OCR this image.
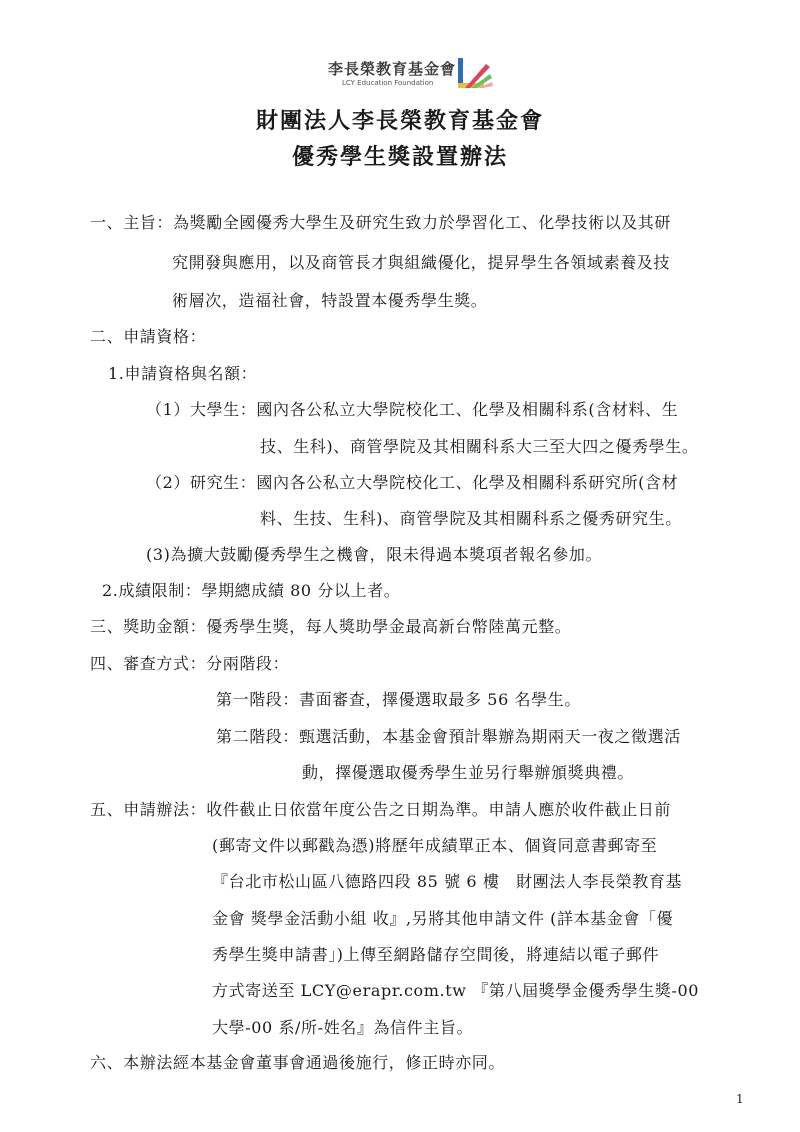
李長榮教育基金會
LCY Education Foundation
財團法人李長榮教育基金會
優秀學生獎設置辦法
一、主旨：為獎勵全國優秀大學生及研究生致力於學習化工、化學技術以及其研
究開發與應用，以及商管長才與組織優化，提昇學生各領域素養及技
術層次，造福社會，特設置本優秀學生獎。
二、申請資格：
1.申請資格與名額：
（1）大學生：國內各公私立大學院校化工、化學及相關科系(含材料、生
技、生科)、商管學院及其相關科系大三至大四之優秀學生。
（2）研究生：國內各公私立大學院校化工、化學及相關科系研究所(含材
料、生技、生科)、商管學院及其相關科系之優秀研究生。
(3)為擴大鼓勵優秀學生之機會，限未得過本獎項者報名參加。
2.成績限制：學期總成績 80 分以上者。
三、獎助金額：優秀學生獎，每人獎助學金最高新台幣陸萬元整。
四、審查方式：分兩階段：
第一階段：書面審查，擇優選取最多 56 名學生。
第二階段：甄選活動，本基金會預計舉辦為期兩天一夜之徵選活
動，擇優選取優秀學生並另行舉辦頒獎典禮。
五、申請辦法：收件截止日依當年度公告之日期為準。申請人應於收件截止日前
(郵寄文件以郵戳為憑)將歷年成績單正本、個資同意書郵寄至
『台北市松山區八德路四段 85 號 6 樓　財團法人李長榮教育基
金會 獎學金活動小組 收』,另將其他申請文件 (詳本基金會「優
秀學生獎申請書」)上傳至網路儲存空間後，將連結以電子郵件
方式寄送至 LCY@erapr.com.tw 『第八屆獎學金優秀學生獎-00
大學-00 系/所-姓名』為信件主旨。
六、本辦法經本基金會董事會通過後施行，修正時亦同。
1
